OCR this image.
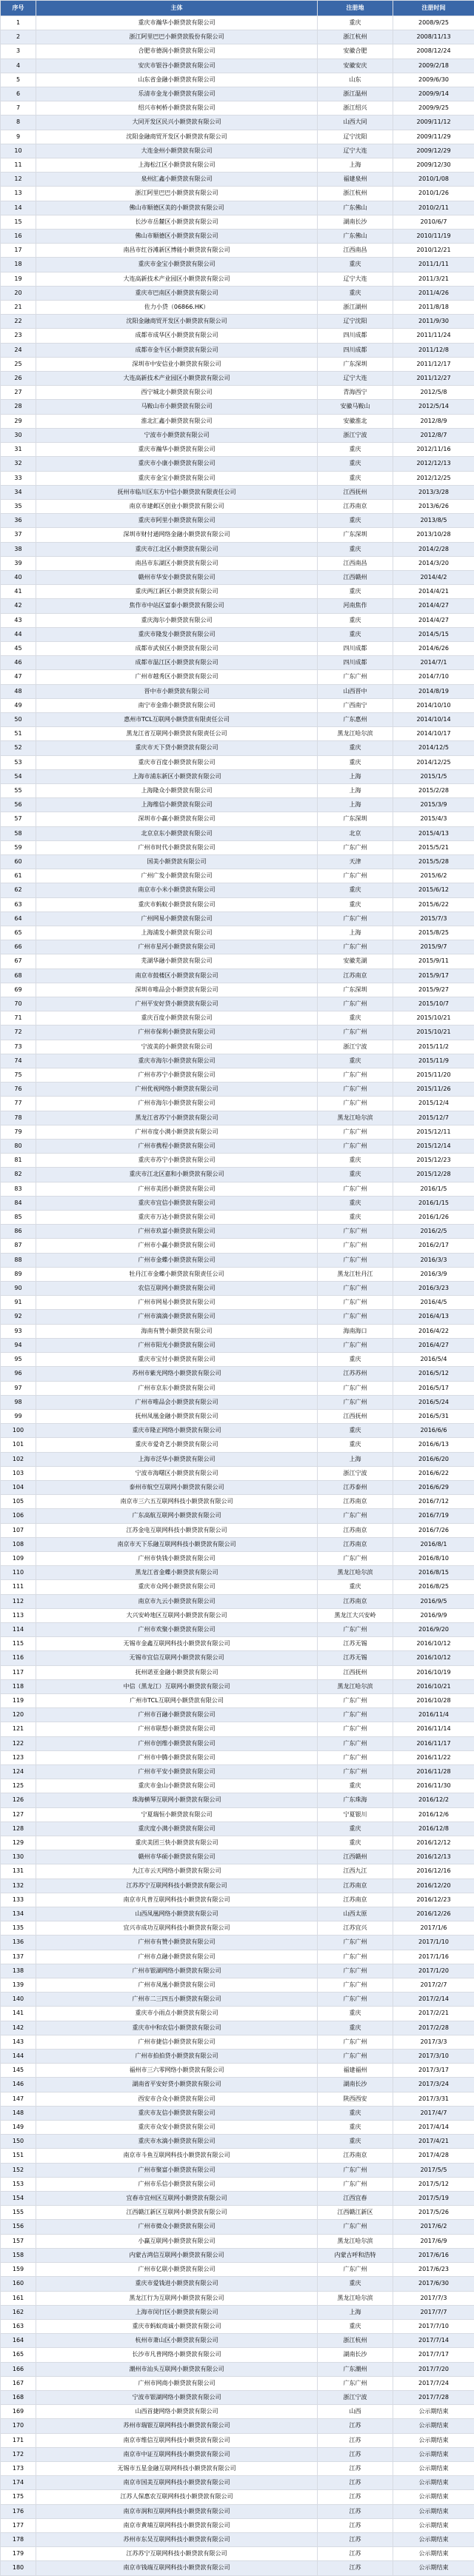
序号	主体	注册地	注册时间
1	重庆市瀚华小额贷款有限公司	重庆	2008/9/25
2	浙江阿里巴巴小额贷款股份有限公司	浙江杭州	2008/11/13
3	合肥市德润小额贷款有限公司	安徽合肥	2008/12/24
4	安庆市银谷小额贷款有限公司	安徽安庆	2009/2/18
5	山东省金融小额贷款有限公司	山东	2009/6/30
6	乐清市金龙小额贷款有限公司	浙江温州	2009/9/14
7	绍兴市柯桥小额贷款有限公司	浙江绍兴	2009/9/25
8	大同开发区民兴小额贷款有限公司	山西大同	2009/11/12
9	沈阳金融商贸开发区小额贷款有限公司	辽宁沈阳	2009/11/29
10	大连金州小额贷款有限公司	辽宁大连	2009/12/29
11	上海松江区小额贷款有限公司	上海	2009/12/30
12	泉州汇鑫小额贷款有限公司	福建泉州	2010/1/08
13	浙江阿里巴巴小额贷款有限公司	浙江杭州	2010/1/26
14	佛山市顺德区美的小额贷款有限公司	广东佛山	2010/2/11
15	长沙市岳麓区小额贷款有限公司	湖南长沙	2010/6/7
16	佛山市顺德区小额贷款有限公司	广东佛山	2010/11/19
17	南昌市红谷滩新区博能小额贷款有限公司	江西南昌	2010/12/21
18	重庆市金宝小额贷款有限公司	重庆	2011/1/11
19	大连高新技术产业园区小额贷款有限公司	辽宁大连	2011/3/21
20	重庆市巴南区小额贷款有限公司	重庆	2011/4/26
21	佐力小贷（06866.HK）	浙江湖州	2011/8/18
22	沈阳金融商贸开发区小额贷款有限公司	辽宁沈阳	2011/9/30
23	成都市成华区小额贷款有限公司	四川成都	2011/11/24
24	成都市金牛区小额贷款有限公司	四川成都	2011/12/8
25	深圳市中安信业小额贷款有限公司	广东深圳	2011/12/17
26	大连高新技术产业园区小额贷款有限公司	辽宁大连	2011/12/27
27	西宁城北小额贷款有限公司	青海西宁	2012/5/8
28	马鞍山市小额贷款有限公司	安徽马鞍山	2012/5/14
29	淮北汇鑫小额贷款有限公司	安徽淮北	2012/8/9
30	宁波市小额贷款有限公司	浙江宁波	2012/8/7
31	重庆市瀚华小额贷款有限公司	重庆	2012/11/16
32	重庆市小康小额贷款有限公司	重庆	2012/12/13
33	重庆市金宝小额贷款有限公司	重庆	2012/12/25
34	抚州市临川区东方中信小额贷款有限责任公司	江西抚州	2013/3/28
35	南京市建邺区创业小额贷款有限公司	江苏南京	2013/6/26
36	重庆市阿里小额贷款有限公司	重庆	2013/8/5
37	深圳市财付通网络金融小额贷款有限公司	广东深圳	2013/10/28
38	重庆市江北区小额贷款有限公司	重庆	2014/2/28
39	南昌市东湖区小额贷款有限公司	江西南昌	2014/3/20
40	赣州市华安小额贷款有限公司	江西赣州	2014/4/2
41	重庆两江新区小额贷款有限公司	重庆	2014/4/21
42	焦作市中站区富泰小额贷款有限公司	河南焦作	2014/4/27
43	重庆海尔小额贷款有限公司	重庆	2014/4/27
44	重庆市隆发小额贷款有限公司	重庆	2014/5/15
45	成都市武侯区小额贷款有限公司	四川成都	2014/6/26
46	成都市温江区小额贷款有限公司	四川成都	2014/7/1
47	广州市越秀区小额贷款有限公司	广东广州	2014/7/10
48	晋中市小额贷款有限公司	山西晋中	2014/8/19
49	南宁市金鼎小额贷款有限公司	广西南宁	2014/10/10
50	惠州市TCL互联网小额贷款有限责任公司	广东惠州	2014/10/14
51	黑龙江省互联网小额贷款有限责任公司	黑龙江哈尔滨	2014/10/17
52	重庆市天下贷小额贷款有限公司	重庆	2014/12/5
53	重庆市百度小额贷款有限公司	重庆	2014/12/25
54	上海市浦东新区小额贷款有限公司	上海	2015/1/5
55	上海隆众小额贷款有限公司	上海	2015/2/28
56	上海维信小额贷款有限公司	上海	2015/3/9
57	深圳市小赢小额贷款有限公司	广东深圳	2015/4/3
58	北京京东小额贷款有限公司	北京	2015/4/13
59	广州市时代小额贷款有限公司	广东广州	2015/5/21
60	国美小额贷款有限公司	天津	2015/5/28
61	广州广发小额贷款有限公司	广东广州	2015/6/2
62	南京市小米小额贷款有限公司	重庆	2015/6/12
63	重庆市蚂蚁小额贷款有限公司	重庆	2015/6/22
64	广州网易小额贷款有限公司	广东广州	2015/7/3
65	上海浦发小额贷款有限公司	上海	2015/8/25
66	广州市星河小额贷款有限公司	广东广州	2015/9/7
67	芜湖华融小额贷款有限公司	安徽芜湖	2015/9/11
68	南京市鼓楼区小额贷款有限公司	江苏南京	2015/9/17
69	深圳市唯品会小额贷款有限公司	广东深圳	2015/9/27
70	广州平安好贷小额贷款有限公司	广东广州	2015/10/7
71	重庆百度小额贷款有限公司	重庆	2015/10/21
72	广州市保利小额贷款有限公司	广东广州	2015/10/21
73	宁波美的小额贷款有限公司	浙江宁波	2015/11/2
74	重庆市海尔小额贷款有限公司	重庆	2015/11/9
75	广州市苏宁小额贷款有限公司	广东广州	2015/11/20
76	广州优视网络小额贷款有限公司	广东广州	2015/11/26
77	广州市海尔小额贷款有限公司	广东广州	2015/12/4
78	黑龙江省苏宁小额贷款有限公司	黑龙江哈尔滨	2015/12/7
79	广州市度小满小额贷款有限公司	广东广州	2015/12/11
80	广州市携程小额贷款有限公司	广东广州	2015/12/14
81	重庆市苏宁小额贷款有限公司	重庆	2015/12/23
82	重庆市江北区嘉和小额贷款有限公司	重庆	2015/12/28
83	广州市美团小额贷款有限公司	广东广州	2016/1/5
84	重庆市宜信小额贷款有限公司	重庆	2016/1/15
85	重庆市万达小额贷款有限公司	重庆	2016/1/26
86	广州市玖富小额贷款有限公司	广东广州	2016/2/5
87	广州市小赢小额贷款有限公司	广东广州	2016/2/17
88	广州市金蝶小额贷款有限公司	广东广州	2016/3/3
89	牡丹江市金蝶小额贷款有限责任公司	黑龙江牡丹江	2016/3/9
90	农信互联网小额贷款有限公司	广东广州	2016/3/23
91	广州市网易小额贷款有限公司	广东广州	2016/4/5
92	广州市滴滴小额贷款有限公司	广东广州	2016/4/13
93	海南有赞小额贷款有限公司	海南海口	2016/4/22
94	广州市阳光小额贷款有限公司	广东广州	2016/4/27
95	重庆市宝付小额贷款有限公司	重庆	2016/5/4
96	苏州市紫光网络小额贷款有限公司	江苏苏州	2016/5/12
97	广州市京东小额贷款有限公司	广东广州	2016/5/17
98	广州市唯品会小额贷款有限公司	广东广州	2016/5/24
99	抚州凤凰金融小额贷款有限公司	江西抚州	2016/5/31
100	重庆市隆正网络小额贷款有限公司	重庆	2016/6/6
101	重庆市爱奇艺小额贷款有限公司	重庆	2016/6/13
102	上海市泛华小额贷款有限公司	上海	2016/6/20
103	宁波市海曙区小额贷款有限公司	浙江宁波	2016/6/22
104	泰州市航空互联网小额贷款有限公司	江苏泰州	2016/6/29
105	南京市三六五互联网科技小额贷款有限公司	江苏南京	2016/7/12
106	广东高航互联网小额贷款有限公司	广东广州	2016/7/19
107	江苏金电互联网科技小额贷款有限公司	江苏南京	2016/7/26
108	南京市天下乐融互联网科技小额贷款有限公司	江苏南京	2016/8/1
109	广州市快钱小额贷款有限公司	广东广州	2016/8/10
110	黑龙江省金蝶小额贷款有限公司	黑龙江哈尔滨	2016/8/15
111	重庆市众网小额贷款有限公司	重庆	2016/8/25
112	南京市九云小额贷款有限公司	江苏南京	2016/9/5
113	大兴安岭地区互联网小额贷款有限公司	黑龙江大兴安岭	2016/9/9
114	广州市欢聚小额贷款有限公司	广东广州	2016/9/20
115	无锡市金鑫互联网科技小额贷款有限公司	江苏无锡	2016/10/12
116	无锡市宜信互联网小额贷款有限公司	江苏无锡	2016/10/12
117	抚州诺亚金融小额贷款有限公司	江西抚州	2016/10/19
118	中信（黑龙江）互联网小额贷款有限公司	黑龙江哈尔滨	2016/10/21
119	广州市TCL互联网小额贷款有限公司	广东广州	2016/10/28
120	广州市百融小额贷款有限公司	广东广州	2016/11/4
121	广州市联想小额贷款有限公司	广东广州	2016/11/14
122	广州市创维小额贷款有限公司	广东广州	2016/11/17
123	广州市中腾小额贷款有限公司	广东广州	2016/11/22
124	广州市平安小额贷款有限公司	广东广州	2016/11/28
125	重庆市金山小额贷款有限公司	重庆	2016/11/30
126	珠海横琴互联网小额贷款有限公司	广东珠海	2016/12/2
127	宁夏瑞恒小额贷款有限公司	宁夏银川	2016/12/6
128	重庆度小满小额贷款有限公司	重庆	2016/12/8
129	重庆美团三快小额贷款有限公司	重庆	2016/12/12
130	赣州市华硕小额贷款有限公司	江西赣州	2016/12/13
131	九江市云天网络小额贷款有限公司	江西九江	2016/12/16
132	江苏苏宁互联网科技小额贷款有限公司	江苏南京	2016/12/20
133	南京市凡普互联网科技小额贷款有限公司	江苏南京	2016/12/23
134	山西凤凰网络小额贷款有限公司	山西太原	2016/12/26
135	宜兴市成功互联网科技小额贷款有限公司	江苏宜兴	2017/1/6
136	广州市有赞小额贷款有限公司	广东广州	2017/1/10
137	广州市点融小额贷款有限公司	广东广州	2017/1/16
138	广州市银湖网络小额贷款有限公司	广东广州	2017/1/20
139	广州市凤凰小额贷款有限公司	广东广州	2017/2/7
140	广州市二三四五小额贷款有限公司	广东广州	2017/2/14
141	重庆市小雨点小额贷款有限公司	重庆	2017/2/21
142	重庆市中和农信小额贷款有限公司	重庆	2017/2/28
143	广州市捷信小额贷款有限公司	广东广州	2017/3/3
144	广州市拍拍贷小额贷款有限公司	广东广州	2017/3/10
145	福州市三六零网络小额贷款有限公司	福建福州	2017/3/17
146	湖南省平安好贷小额贷款有限公司	湖南长沙	2017/3/24
147	西安市合众小额贷款有限公司	陕西西安	2017/3/31
148	重庆市友信小额贷款有限公司	重庆	2017/4/7
149	重庆市众安小额贷款有限公司	重庆	2017/4/14
150	重庆市水滴小额贷款有限公司	重庆	2017/4/21
151	南京市斗鱼互联网科技小额贷款有限公司	江苏南京	2017/4/28
152	广州市聚富小额贷款有限公司	广东广州	2017/5/5
153	广州市乐信小额贷款有限公司	广东广州	2017/5/12
154	宜春市宜州区互联网小额贷款有限公司	江西宜春	2017/5/19
155	江西赣江新区互联网小额贷款有限公司	江西赣江新区	2017/5/26
156	广州市微众小额贷款有限公司	广东广州	2017/6/2
157	小赢互联网小额贷款有限公司	黑龙江哈尔滨	2017/6/9
158	内蒙古鸿信互联网小额贷款有限公司	内蒙古呼和浩特	2017/6/16
159	广州市亿联小额贷款有限公司	广东广州	2017/6/23
160	重庆市爱钱进小额贷款有限公司	重庆	2017/6/30
161	黑龙江行为互联网小额贷款有限公司	黑龙江哈尔滨	2017/7/3
162	上海市闵行区小额贷款有限公司	上海	2017/7/7
163	重庆市蚂蚁商诚小额贷款有限公司	重庆	2017/7/10
164	杭州市萧山区小额贷款有限公司	浙江杭州	2017/7/14
165	长沙市凡普网络小额贷款有限公司	湖南长沙	2017/7/17
166	潮州市汕头互联网小额贷款有限公司	广东潮州	2017/7/20
167	广州市网商小额贷款有限公司	广东广州	2017/7/24
168	宁波市银湖网络小额贷款有限公司	浙江宁波	2017/7/28
169	山西首捷网络小额贷款有限公司	山西	公示期结束
170	苏州市瑞银互联网科技小额贷款有限公司	江苏	公示期结束
171	南京市维信互联网科技小额贷款有限公司	江苏	公示期结束
172	南京市中证互联网科技小额贷款有限公司	江苏	公示期结束
173	无锡市五星金融互联网科技小额贷款有限公司	江苏	公示期结束
174	南京市国美互联网科技小额贷款有限公司	江苏	公示期结束
175	江苏人保惠农互联网科技小额贷款有限公司	江苏	公示期结束
176	南京市润和互联网科技小额贷款有限公司	江苏	公示期结束
177	南京市黄埔互联网科技小额贷款有限公司	江苏	公示期结束
178	苏州市东吴互联网科技小额贷款有限公司	江苏	公示期结束
179	江苏苏宁互联网科技小额贷款有限公司	江苏	公示期结束
180	南京市钱端互联网科技小额贷款有限公司	江苏	公示期结束
